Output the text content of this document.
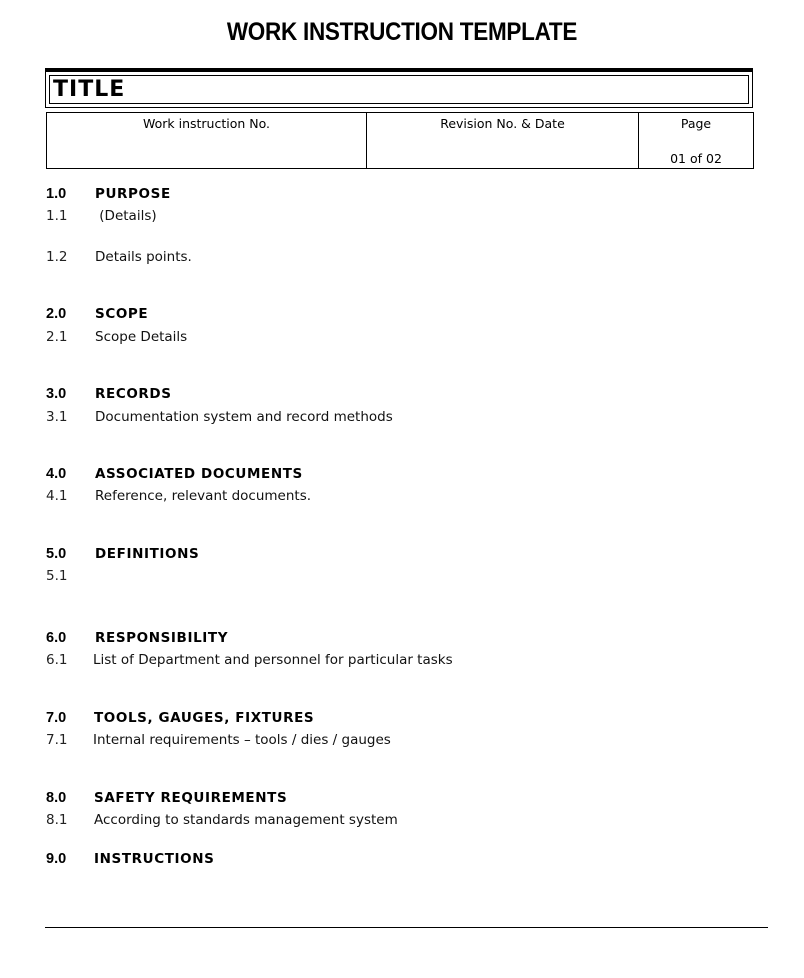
WORK INSTRUCTION TEMPLATE
TITLE
Work instruction No.	Revision No. & Date	Page
01 of 02
1.0	PURPOSE
1.1	(Details)
1.2	Details points.
2.0	SCOPE
2.1	Scope Details
3.0	RECORDS
3.1	Documentation system and record methods
4.0	ASSOCIATED DOCUMENTS
4.1	Reference, relevant documents.
5.0	DEFINITIONS
5.1
6.0	RESPONSIBILITY
6.1	List of Department and personnel for particular tasks
7.0	TOOLS, GAUGES, FIXTURES
7.1	Internal requirements – tools / dies / gauges
8.0	SAFETY REQUIREMENTS
8.1	According to standards management system
9.0	INSTRUCTIONS
